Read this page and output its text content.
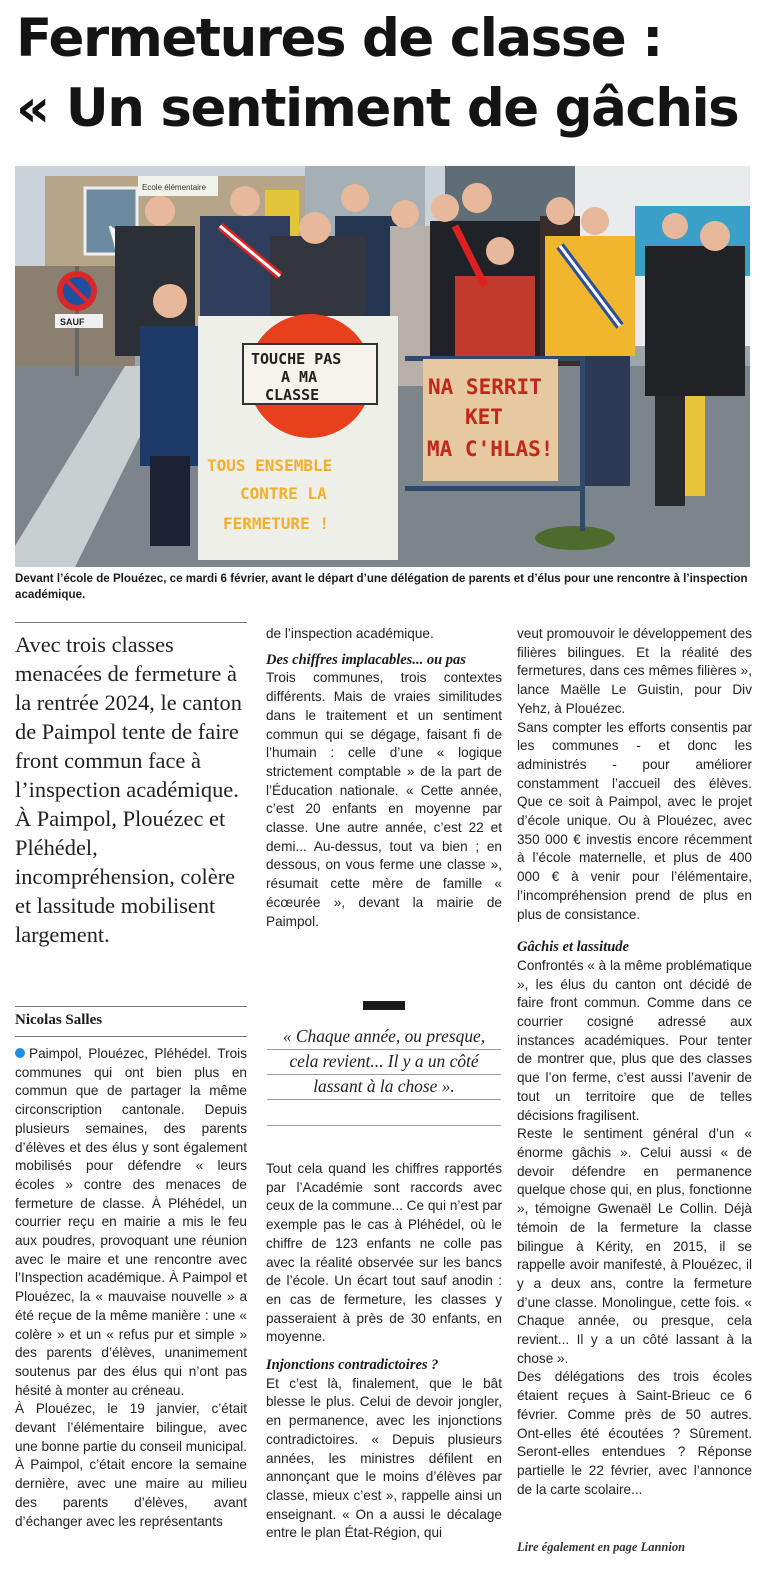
Fermetures de classe :
« Un sentiment de gâchis
Ecole élémentaire
SAUF
TOUCHE PAS
A MA
CLASSE
TOUS ENSEMBLE
CONTRE LA
FERMETURE !
NA SERRIT
KET
MA C'HLAS!

Devant l’école de Plouézec, ce mardi 6 février, avant le départ d’une délégation de parents et d’élus pour une rencontre à l’inspection académique.

Avec trois classes menacées de fermeture à la rentrée 2024, le canton de Paimpol tente de faire front commun face à l’inspection académique. À Paimpol, Plouézec et Pléhédel, incompréhension, colère et lassitude mobilisent largement.

Nicolas Salles

Paimpol, Plouézec, Pléhédel. Trois communes qui ont bien plus en commun que de partager la même circonscription cantonale. Depuis plusieurs semaines, des parents d’élèves et des élus y sont également mobilisés pour défendre « leurs écoles » contre des menaces de fermeture de classe. À Pléhédel, un courrier reçu en mairie a mis le feu aux poudres, provoquant une réunion avec le maire et une rencontre avec l’Inspection académique. À Paimpol et Plouézec, la « mauvaise nouvelle » a été reçue de la même manière : une « colère » et un « refus pur et simple » des parents d’élèves, unanimement soutenus par des élus qui n’ont pas hésité à monter au créneau.

À Plouézec, le 19 janvier, c’était devant l’élémentaire bilingue, avec une bonne partie du conseil municipal. À Paimpol, c’était encore la semaine dernière, avec une maire au milieu des parents d’élèves, avant d’échanger avec les représentants

de l’inspection académique.

Des chiffres implacables... ou pas

Trois communes, trois contextes différents. Mais de vraies similitudes dans le traitement et un sentiment commun qui se dégage, faisant fi de l’humain : celle d’une « logique strictement comptable » de la part de l’Éducation nationale. « Cette année, c’est 20 enfants en moyenne par classe. Une autre année, c’est 22 et demi... Au-dessus, tout va bien ; en dessous, on vous ferme une classe », résumait cette mère de famille « écœurée », devant la mairie de Paimpol.

« Chaque année, ou presque, cela revient... Il y a un côté lassant à la chose ».

Tout cela quand les chiffres rapportés par l’Académie sont raccords avec ceux de la commune... Ce qui n’est par exemple pas le cas à Pléhédel, où le chiffre de 123 enfants ne colle pas avec la réalité observée sur les bancs de l’école. Un écart tout sauf anodin : en cas de fermeture, les classes y passeraient à près de 30 enfants, en moyenne.

Injonctions contradictoires ?

Et c’est là, finalement, que le bât blesse le plus. Celui de devoir jongler, en permanence, avec les injonctions contradictoires. « Depuis plusieurs années, les ministres défilent en annonçant que le moins d’élèves par classe, mieux c’est », rappelle ainsi un enseignant. « On a aussi le décalage entre le plan État-Région, qui

veut promouvoir le développement des filières bilingues. Et la réalité des fermetures, dans ces mêmes filières », lance Maëlle Le Guistin, pour Div Yehz, à Plouézec.

Sans compter les efforts consentis par les communes - et donc les administrés - pour améliorer constamment l’accueil des élèves. Que ce soit à Paimpol, avec le projet d’école unique. Ou à Plouézec, avec 350 000 € investis encore récemment à l’école maternelle, et plus de 400 000 € à venir pour l’élémentaire, l’incompréhension prend de plus en plus de consistance.

Gâchis et lassitude

Confrontés « à la même problématique », les élus du canton ont décidé de faire front commun. Comme dans ce courrier cosigné adressé aux instances académiques. Pour tenter de montrer que, plus que des classes que l’on ferme, c’est aussi l’avenir de tout un territoire que de telles décisions fragilisent.

Reste le sentiment général d’un « énorme gâchis ». Celui aussi « de devoir défendre en permanence quelque chose qui, en plus, fonctionne », témoigne Gwenaël Le Collin. Déjà témoin de la fermeture la classe bilingue à Kérity, en 2015, il se rappelle avoir manifesté, à Plouézec, il y a deux ans, contre la fermeture d’une classe. Monolingue, cette fois. « Chaque année, ou presque, cela revient... Il y a un côté lassant à la chose ».

Des délégations des trois écoles étaient reçues à Saint-Brieuc ce 6 février. Comme près de 50 autres. Ont-elles été écoutées ? Sûrement. Seront-elles entendues ? Réponse partielle le 22 février, avec l’annonce de la carte scolaire...

Lire également en page Lannion
